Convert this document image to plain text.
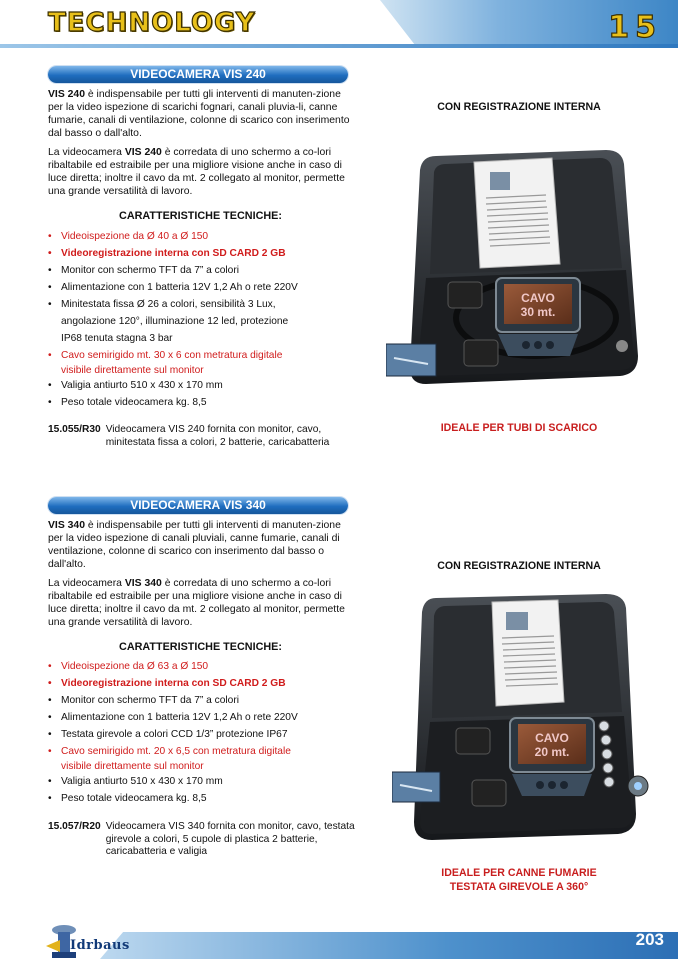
TECHNOLOGY	15
VIDEOCAMERA VIS 240
VIS 240 è indispensabile per tutti gli interventi di manuten-zione per la video ispezione di scarichi fognari, canali pluvia-li, canne fumarie, canali di ventilazione, colonne di scarico con inserimento dal basso o dall'alto.
La videocamera VIS 240 è corredata di uno schermo a co-lori ribaltabile ed estraibile per una migliore visione anche in caso di luce diretta; inoltre il cavo da mt. 2 collegato al monitor, permette una grande versatilità di lavoro.
CARATTERISTICHE TECNICHE:
• Videoispezione da Ø 40 a Ø 150
• Videoregistrazione interna con SD CARD 2 GB
• Monitor con schermo TFT da 7” a colori
• Alimentazione con 1 batteria 12V 1,2 Ah o rete 220V
• Minitestata fissa Ø 26 a colori, sensibilità 3 Lux,
angolazione 120°, illuminazione 12 led, protezione
IP68 tenuta stagna 3 bar
• Cavo semirigido mt. 30 x 6 con metratura digitale
visibile direttamente sul monitor
• Valigia antiurto 510 x 430 x 170 mm
• Peso totale videocamera kg. 8,5
15.055/R30 Videocamera VIS 240 fornita con monitor, cavo, minitestata fissa a colori, 2 batterie, caricabatteria
CON REGISTRAZIONE INTERNA
CAVO
30 mt.
IDEALE PER TUBI DI SCARICO
VIDEOCAMERA VIS 340
VIS 340 è indispensabile per tutti gli interventi di manuten-zione per la video ispezione di canali pluviali, canne fumarie, canali di ventilazione, colonne di scarico con inserimento dal basso o dall'alto.
La videocamera VIS 340 è corredata di uno schermo a co-lori ribaltabile ed estraibile per una migliore visione anche in caso di luce diretta; inoltre il cavo da mt. 2 collegato al monitor, permette una grande versatilità di lavoro.
CARATTERISTICHE TECNICHE:
• Videoispezione da Ø 63 a Ø 150
• Videoregistrazione interna con SD CARD 2 GB
• Monitor con schermo TFT da 7” a colori
• Alimentazione con 1 batteria 12V 1,2 Ah o rete 220V
• Testata girevole a colori CCD 1/3” protezione IP67
• Cavo semirigido mt. 20 x 6,5 con metratura digitale
visibile direttamente sul monitor
• Valigia antiurto 510 x 430 x 170 mm
• Peso totale videocamera kg. 8,5
15.057/R20 Videocamera VIS 340 fornita con monitor, cavo, testata girevole a colori, 5 cupole di plastica 2 batterie, caricabatteria e valigia
CON REGISTRAZIONE INTERNA
CAVO
20 mt.
IDEALE PER CANNE FUMARIE
TESTATA GIREVOLE A 360°
Idrbaus	203
